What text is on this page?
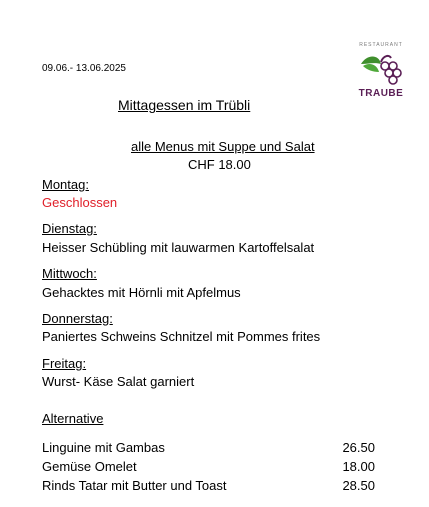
09.06.- 13.06.2025
RESTAURANT
TRAUBE
Mittagessen im Trübli
alle Menus mit Suppe und Salat
CHF 18.00
Montag:
Geschlossen
Dienstag:
Heisser Schübling mit lauwarmen Kartoffelsalat
Mittwoch:
Gehacktes mit Hörnli mit Apfelmus
Donnerstag:
Paniertes Schweins Schnitzel mit Pommes frites
Freitag:
Wurst- Käse Salat garniert
Alternative
Linguine mit Gambas	26.50
Gemüse Omelet	18.00
Rinds Tatar mit Butter und Toast	28.50
